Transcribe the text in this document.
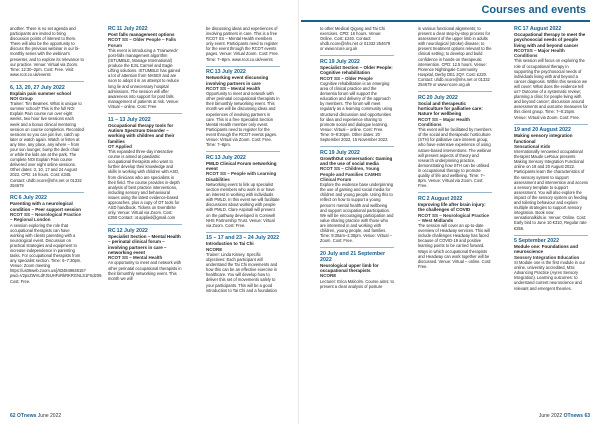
Courses and events

another. There is no set agenda and participants are invited to bring discussion points of interest to them. There will also be the opportunity to discuss the previous webinar in our bi-monthly series with the webinar's presenter, and to explore its relevance to our practice. Venue: Virtual via Zoom. Time: 12:30–2pm. Cost: Free. Visit: www.rcot.co.uk/events

6, 13, 20, 27 July 2022
Explain pain summer school
NOI Group

Trainer: Tim Beames. What is unique to summer school? This is the full NOI Explain Pain course run over eight weeks, two hour live sessions each week and a bonus clinical mentoring session on course completion. Recorded sessions so you can join live, catch up later or watch again. Watch or listen at any time, any place, any where – from your sun lounger, bump the deck chair or while the kids are at the park. The complete NOI Explain Pain course delivered over eight online sessions. Other dates: 3, 10, 17 and 24 August 2022. CPD: 16 hours. Cost: £345. Contact: uhdb.ncore@nhs.net or 01332 254679

RC6 July 2022
Parenting with a neurological condition – Peer support session
RCOT SS – Neurological Practice – Regional London

A session exploring the role that occupational therapists can have working with clients parenting with a neurological event. Discussion on practical strategies and equipment to increase independence in parenting tasks. For occupational therapists from any specialist section. Time: 6–7:30pm. Venue: Zoom meeting https://us06web.zoom.us/j/83484984815?pwd=V2pxZWVLdFJ5UHFxRkRKRGNLS1FSdz09. Cost: Free.

RC11 July 2022
Post falls management options
RCOT SS – Older People – Falls Forum

This event is introducing a 'Trainwreck' post-falls management algorithm (ISTUMBLE, Manage International) produce the EJIL Carmel and Eagle Lifting solutions. ISTUMBLE has gained a lot of attention from NHSE/I and are soon to adopt it in an attempt to reduce long lie and unnecessary hospital admissions. The session will offer awareness into support for post falls management of patients at risk. Venue: Virtual – online. Cost: Free

11 – 13 July 2022
Occupational therapy tools for Autism Spectrum Disorder – working with children and their families
OT Applied

This expanded three-day interactive course is aimed at paediatric occupational therapists who want to further develop their knowledge and skills in working with children with ASD, from clinicians who are specialists in their field. The course provides in-depth analysis of best practice interventions, including sensory and behavioural issues using the latest evidence-based approaches, plus a copy of OT tools for ASD handbook. Tickets on Eventbrite only. Venue: Virtual via Zoom. Cost: £350 Contact: ot.applied@gmail.com

RC12 July 2022
Specialist Section – Mental Health – perinatal clinical forum – involving partners in care – networking event
RCOT SS – Mental Health

An opportunity to meet and network with other perinatal occupational therapists in their bimonthly networking event. This month we will

be discussing ideas and experiences of involving partners in care. This is a free RCOT SS – Mental Health members only event. Participants need to register for the event through the RCOT events pages. Venue: Virtual Zoom. Cost: Free. Time: 7–8pm. www.rcot.co.uk/events

RC13 July 2022
Networking event discussing involving partners in care
RCOT SS – Mental Health

Opportunity to meet and network with other perinatal occupational therapists in their bimonthly networking event. This month we will be discussing ideas and experiences of involving partners in care. This is a free Specialist Section Mental Health member only event. Participants need to register for the event through the RCOT events pages. Venue: Virtual via Zoom. Cost: Free. Time: 7–8pm.

RC13 July 2022
PMLD Clinical Forum networking event
RCOT SS – People with Learning Disabilities

Networking event to link up specialist section members who work in or have an interest in working with individuals with PMLD. In this event we will facilitate discussions about working with people with PMLD. Clare Aspinall will present on the pathway developed in Cornwell NHS Partnership Trust. Venue: Virtual via Zoom. Cost: Free.

15 – 17 and 23 – 24 July 2022
Introduction to Tai Chi
NCORE

Trainer: Linda Kinsey. Specific objectives: Each participant will understand the Tai Chi movements and how this can be an effective exercise in healthcare. You will develop how to deliver this set of movements safely to your participants. This will be a good introduction to Tai Chi and a foundation

to other Medical Qigong and Tai Chi exercises. CPD: 16 hours. Venue: Online. Cost: £240. Contact: uhdb.ncore@nhs.net or 01332 254679 or www.ncore.org.uk

RC19 July 2022
Specialist Section – Older People: Cognitive rehabilitation
RCOT SS – Older People

Cognitive rehabilitation is an emerging area of clinical practice and the dementia forum will support the education and delivery of the approach by members. The forum will meet regularly as a learning community using structured discussion and opportunities for idea and experience sharing to promote social and dialogue learning. Venue: Virtual – online. Cost: Free. Time: 8–9:30pm. Other dates: 20 September 2022, 15 November 2022.

RC19 July 2022
GrowthOut conversation: Gaming and the use of social media
RCOT SS – Children, Young People and Families CAMHS Clinical Forum

Explore the evidence base underpinning the use of gaming and social media for children and young people. Using this to reflect on how to support a young person's mental health and wellbeing and support occupational participation. We will be encouraging participation and value sharing practice with those who are interested in and working with children, young people, and families. Time: 9:30am–1:30pm. Venue: Virtual – Zoom. Cost: Free.

20 July and 21 September 2022
Neurological upper limb for occupational therapists
NCORE

Lecturer: Erica Malcolm. Course aims: to present a clear analysis of posture

in various functional alignments; to present a clear step-by-step process for assessment of the upper limb in adults with neurological (stroke) disease; to present treatment options relevant to the clinical setting; to develop and build confidence in hands-on therapeutic intervention. CPD: 12.5 hours. Venue: Florence Nightingale Community Hospital, Derby DE1 2QY. Cost: £220. Contact: uhdb.ncore@nhs.net or 01332 254679 or www.ncore.org.uk

RC20 July 2022
Social and therapeutic horticulture for palliative care: Nature for wellbeing
RCOT SS – Major Health Conditions

This event will be facilitated by members of the social and therapeutic horticulture (STH) for palliative care interest group, who have extensive experience of using nature-based interventions. The webinar will present aspects of theory and research underpinning practice, demonstrating how STH can be utilised in occupational therapy to promote quality of life and wellbeing. Time: 7–8pm. Venue: Virtual via Zoom. Cost: Free.

RC2 August 2022
Improving life after brain injury: the challenges of COVID
RCOT SS – Neurological Practice – West Midlands

The session will cover an up-to-date overview of Headway services. This will include challenges Headway has faced because of COVID-19 and positive learning points to be carried forward. Ways in which occupational therapists and Headway can work together will be discussed. Venue: Virtual – online. Cost: Free.

RC17 August 2022
Occupational therapy to meet the psychosocial needs of people living with and beyond cancer
RCOTSS – Major Health Conditions

This session will focus on exploring the role of occupational therapy in supporting the psychosocial needs of individuals living with and beyond a cancer diagnosis. Within this session we will cover: What does the evidence tell us? Outcome of a systematic review; planning a clinic for people living with and beyond cancer; discussion around assessments and outcome measures for this client group. Time: 7–8:15pm. Venue: Virtual via Zoom. Cost: Free.

19 and 20 August 2022
Making sensory integration functional
Sensational Kids

Internationally renowned occupational therapist Maude LeRoux presents Making Sensory Integration Functional online on 19 and 20 August 2022. Participants learn the characteristics of the sensory system to support assessment and intervention and access a sensory template to support assessment. You will also explore the impact of the sensory system on feeding and toileting behaviour and explore multiple strategies to support sensory integration. Book now: sensationalkids.ie. Venue: Online. Cost: Early bird to June 10 €310, Regular rate €355.

5 September 2022
Module one: Foundations and neuroscience
Sensory Integration Education

SI Module one is the first module in our online, university accredited, MSc Advancing Practice (Ayres Sensory Integration). Learning outcomes: to understand current neuroscience and relevant and emergent theories.

62 OTnews June 2022	June 2022 OTnews 63
